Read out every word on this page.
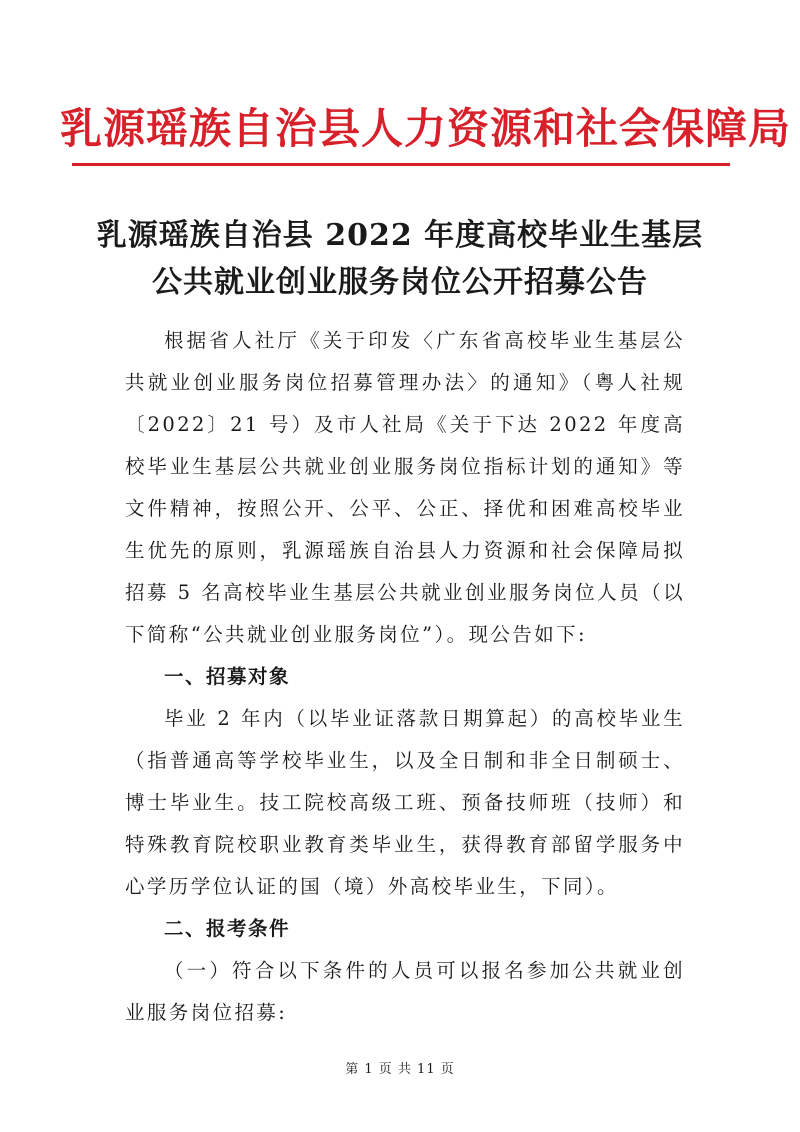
乳源瑶族自治县人力资源和社会保障局
乳源瑶族自治县 2022 年度高校毕业生基层
公共就业创业服务岗位公开招募公告

根据省人社厅《关于印发〈广东省高校毕业生基层公共就业创业服务岗位招募管理办法〉的通知》（粤人社规〔2022〕21 号）及市人社局《关于下达 2022 年度高校毕业生基层公共就业创业服务岗位指标计划的通知》等文件精神，按照公开、公平、公正、择优和困难高校毕业生优先的原则，乳源瑶族自治县人力资源和社会保障局拟招募 5 名高校毕业生基层公共就业创业服务岗位人员（以下简称“公共就业创业服务岗位”）。现公告如下:

一、招募对象

毕业 2 年内（以毕业证落款日期算起）的高校毕业生（指普通高等学校毕业生，以及全日制和非全日制硕士、博士毕业生。技工院校高级工班、预备技师班（技师）和特殊教育院校职业教育类毕业生，获得教育部留学服务中心学历学位认证的国（境）外高校毕业生，下同）。

二、报考条件

（一）符合以下条件的人员可以报名参加公共就业创业服务岗位招募:

第 1 页 共 11 页
